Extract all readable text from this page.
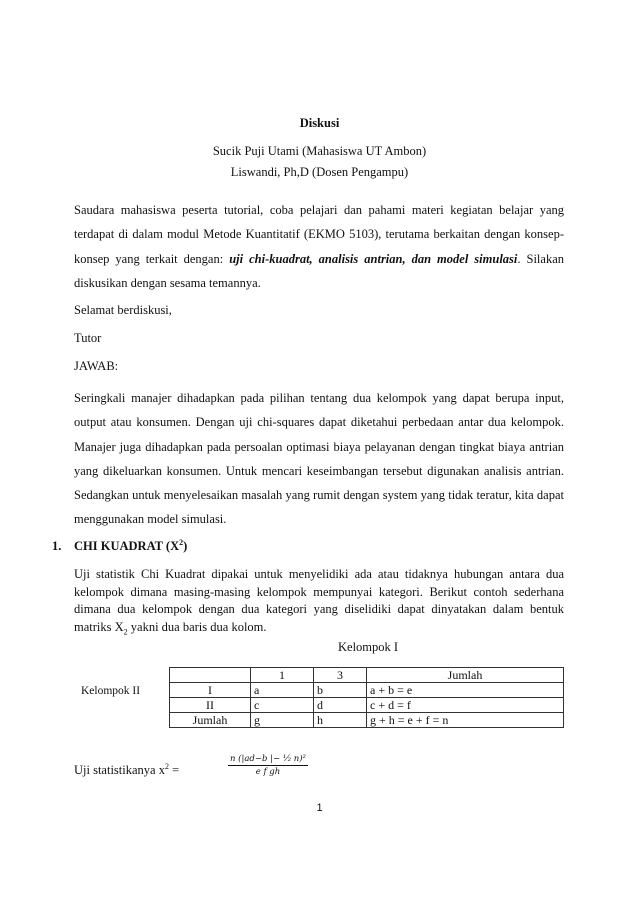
Diskusi
Sucik Puji Utami (Mahasiswa UT Ambon)
Liswandi, Ph,D (Dosen Pengampu)

Saudara mahasiswa peserta tutorial, coba pelajari dan pahami materi kegiatan belajar yang terdapat di dalam modul Metode Kuantitatif (EKMO 5103), terutama berkaitan dengan konsep-konsep yang terkait dengan: uji chi-kuadrat, analisis antrian, dan model simulasi. Silakan diskusikan dengan sesama temannya.

Selamat berdiskusi,
Tutor
JAWAB:

Seringkali manajer dihadapkan pada pilihan tentang dua kelompok yang dapat berupa input, output atau konsumen. Dengan uji chi-squares dapat diketahui perbedaan antar dua kelompok. Manajer juga dihadapkan pada persoalan optimasi biaya pelayanan dengan tingkat biaya antrian yang dikeluarkan konsumen. Untuk mencari keseimbangan tersebut digunakan analisis antrian. Sedangkan untuk menyelesaikan masalah yang rumit dengan system yang tidak teratur, kita dapat menggunakan model simulasi.

1. CHI KUADRAT $(X^2)$

Uji statistik Chi Kuadrat dipakai untuk menyelidiki ada atau tidaknya hubungan antara dua kelompok dimana masing-masing kelompok mempunyai kategori. Berikut contoh sederhana dimana dua kelompok dengan dua kategori yang diselidiki dapat dinyatakan dalam bentuk matriks $X_2$ yakni dua baris dua kolom.

Kelompok I
Kelompok II
	1	3	Jumlah
I	a	b	a + b = e
II	c	d	c + d = f
Jumlah	g	h	g + h = e + f = n
Uji statistikanya $x^2$ =	$\frac{\text{n (|ad−b |− ¹⁄₂ n)²}}{\text{e f gh}}$
1
